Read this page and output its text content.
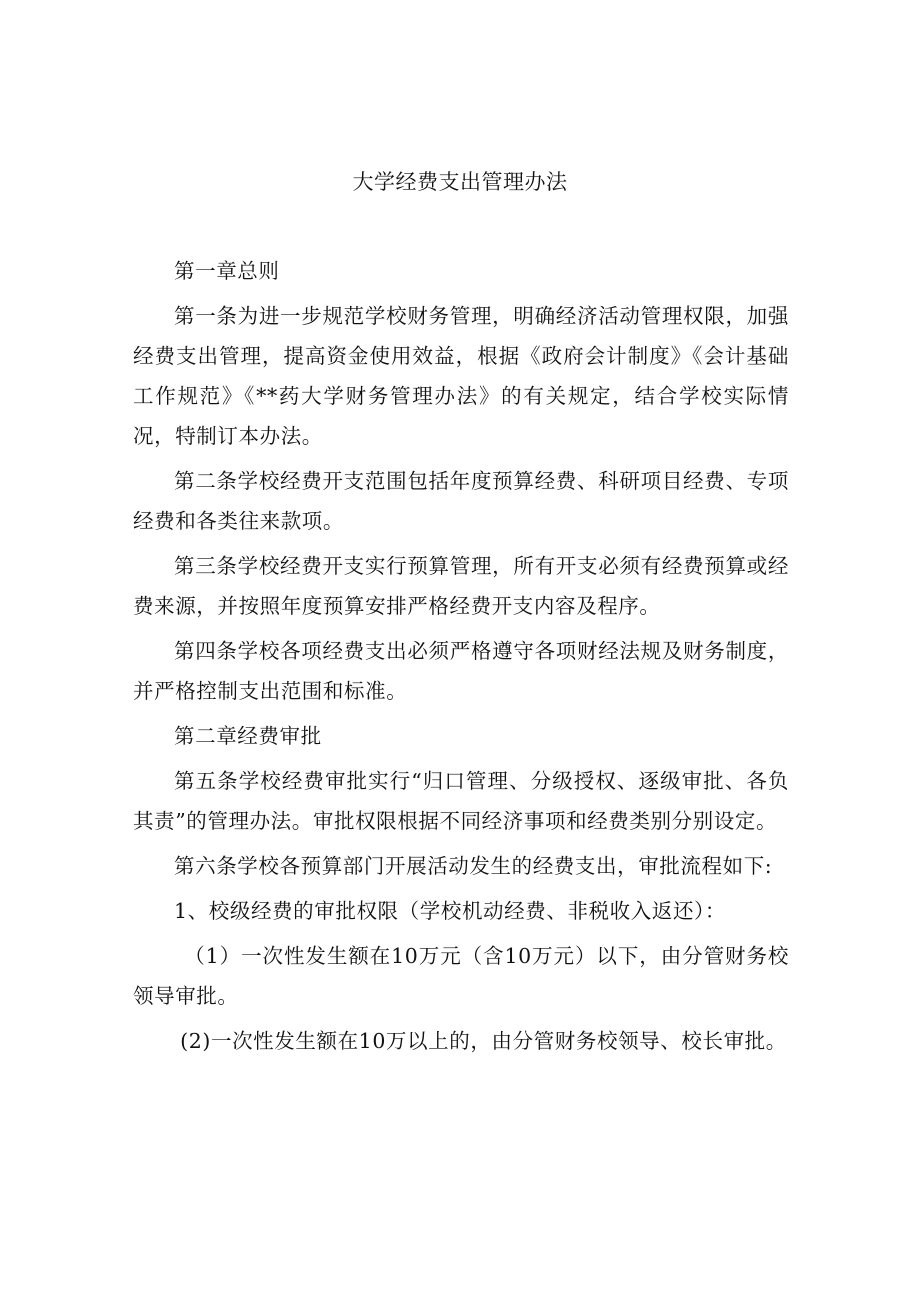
大学经费支出管理办法

第一章总则

第一条为进一步规范学校财务管理，明确经济活动管理权限，加强经费支出管理，提高资金使用效益，根据《政府会计制度》《会计基础工作规范》《**药大学财务管理办法》的有关规定，结合学校实际情况，特制订本办法。

第二条学校经费开支范围包括年度预算经费、科研项目经费、专项经费和各类往来款项。

第三条学校经费开支实行预算管理，所有开支必须有经费预算或经费来源，并按照年度预算安排严格经费开支内容及程序。

第四条学校各项经费支出必须严格遵守各项财经法规及财务制度，并严格控制支出范围和标准。

第二章经费审批

第五条学校经费审批实行“归口管理、分级授权、逐级审批、各负其责”的管理办法。审批权限根据不同经济事项和经费类别分别设定。

第六条学校各预算部门开展活动发生的经费支出，审批流程如下:

1、校级经费的审批权限（学校机动经费、非税收入返还）：

（1）一次性发生额在10万元（含10万元）以下，由分管财务校领导审批。

(2)一次性发生额在10万以上的，由分管财务校领导、校长审批。
